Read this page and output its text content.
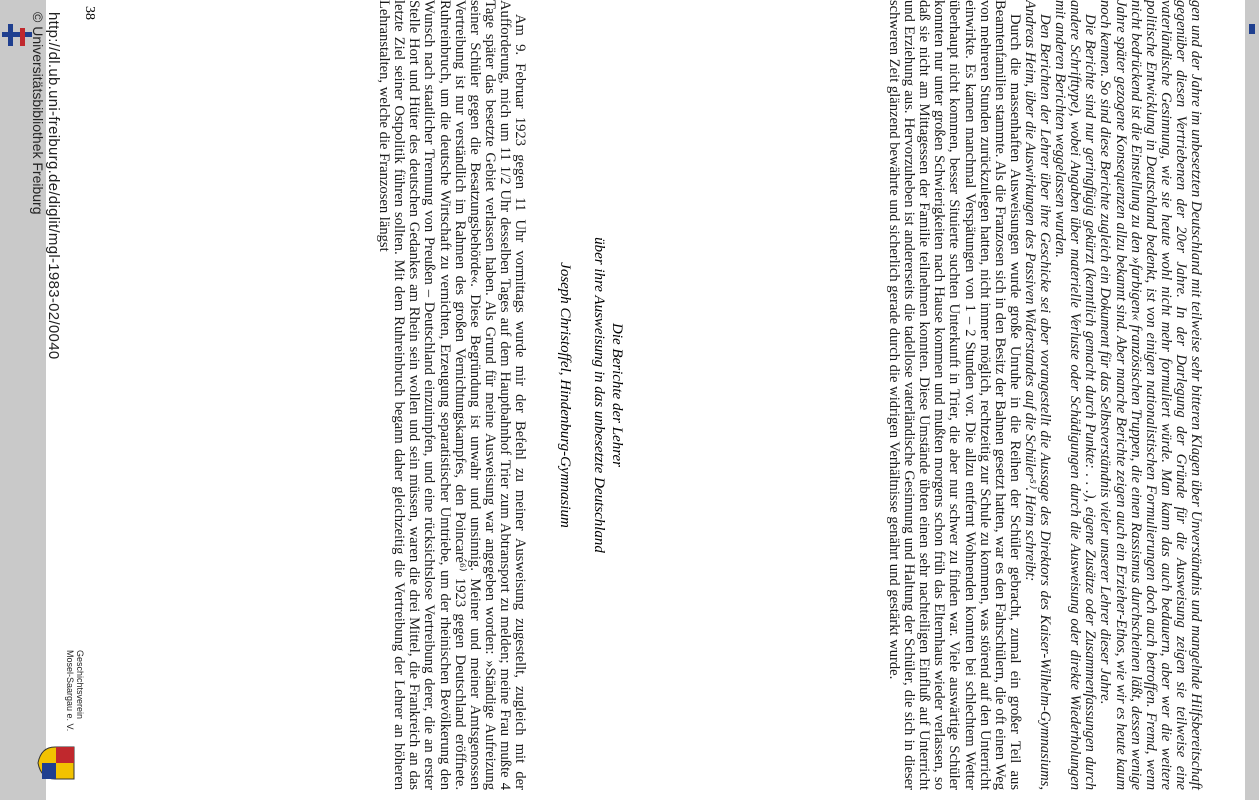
gen und der Jahre im unbesetzten Deutschland mit teilweise sehr bitteren Klagen über Unverständnis und mangelnde Hilfsbereitschaft gegenüber diesen Vertriebenen der 20er Jahre. In der Darlegung der Gründe für die Ausweisung zeigen sie teilweise eine vaterländische Gesinnung, wie sie heute wohl nicht mehr formuliert würde. Man kann das auch bedauern, aber wer die weitere politische Entwicklung in Deutschland bedenkt, ist von einigen nationalistischen Formulierungen doch auch betroffen. Fremd, wenn nicht bedrückend ist die Einstellung zu den »farbigen« französischen Truppen, die einen Rassismus durchscheinen läßt, dessen wenige Jahre später gezogene Konsequenzen allzu bekannt sind. Aber manche Berichte zeigen auch ein Erzieher-Ethos, wie wir es heute kaum noch kennen. So sind diese Berichte zugleich ein Dokument für das Selbstverständnis vieler unserer Lehrer dieser Jahre.

Die Berichte sind nur geringfügig gekürzt (kenntlich gemacht durch Punkte: . . .), eigene Zusätze oder Zusammenfassungen durch andere Schrifttype), wobei Angaben über materielle Verluste oder Schädigungen durch die Ausweisung oder direkte Wiederholungen mit anderen Berichten weggelassen wurden.

Den Berichten der Lehrer über ihre Geschicke sei aber vorangestellt die Aussage des Direktors des Kaiser-Wilhelm-Gymnasiums, Andreas Heim, über die Auswirkungen des Passiven Widerstandes auf die Schüler⁵⁾. Heim schreibt:

Durch die massenhaften Ausweisungen wurde große Unruhe in die Reihen der Schüler gebracht, zumal ein großer Teil aus Beamtenfamilien stammte. Als die Franzosen sich in den Besitz der Bahnen gesetzt hatten, war es den Fahrschülern, die oft einen Weg von mehreren Stunden zurückzulegen hatten, nicht immer möglich, rechtzeitig zur Schule zu kommen, was störend auf den Unterricht einwirkte. Es kamen manchmal Verspätungen von 1 – 2 Stunden vor. Die allzu entfernt Wohnenden konnten bei schlechtem Wetter überhaupt nicht kommen, besser Situierte suchten Unterkunft in Trier, die aber nur schwer zu finden war. Viele auswärtige Schüler konnten nur unter großen Schwierigkeiten nach Hause kommen und mußten morgens schon früh das Elternhaus wieder verlassen, so daß sie nicht am Mittagessen der Familie teilnehmen konnten. Diese Umstände übten einen sehr nachteiligen Einfluß auf Unterricht und Erziehung aus. Hervorzuheben ist andererseits die tadellose vaterländische Gesinnung und Haltung der Schüler, die sich in dieser schweren Zeit glänzend bewährte und sicherlich gerade durch die widrigen Verhältnisse genährt und gestärkt wurde.

Die Berichte der Lehrer
über ihre Ausweisung in das unbesetzte Deutschland
Joseph Christoffel, Hindenburg-Gymnasium

Am 9. Februar 1923 gegen 11 Uhr vormittags wurde mir der Befehl zu meiner Ausweisung zugestellt, zugleich mit der Aufforderung, mich um 11 1/2 Uhr desselben Tages auf dem Hauptbahnhof Trier zum Abtransport zu melden; meine Frau mußte 4 Tage später das besetzte Gebiet verlassen haben. Als Grund für meine Ausweisung war angegeben worden: »Ständige Aufreizung seiner Schüler gegen die Besatzungsbehörde«. Diese Begründung ist unwahr und unsinnig. Meiner und meiner Amtsgenossen Vertreibung ist nur verständlich im Rahmen des großen Vernichtungskampfes, den Poincaré⁶⁾ 1923 gegen Deutschland eröffnete. Ruhreinbruch, um die deutsche Wirtschaft zu vernichten, Erzeugung separatistischer Umtriebe, um der rheinischen Bevölkerung den Wunsch nach staatlicher Trennung von Preußen – Deutschland einzuimpfen, und eine rücksichtslose Vertreibung derer, die an erster Stelle Hort und Hüter des deutschen Gedankes am Rhein sein wollen und sein müssen, waren die drei Mittel, die Frankreich an das letzte Ziel seiner Ostpolitik führen sollten. Mit dem Ruhreinbruch begann daher gleichzeitig die Vertreibung der Lehrer an höheren Lehranstalten, welche die Franzosen längst

38
http://dl.ub.uni-freiburg.de/diglit/mgl-1983-02/0040
© Universitätsbibliothek Freiburg
Geschichtsverein
Mosel-Saargau e. V.
